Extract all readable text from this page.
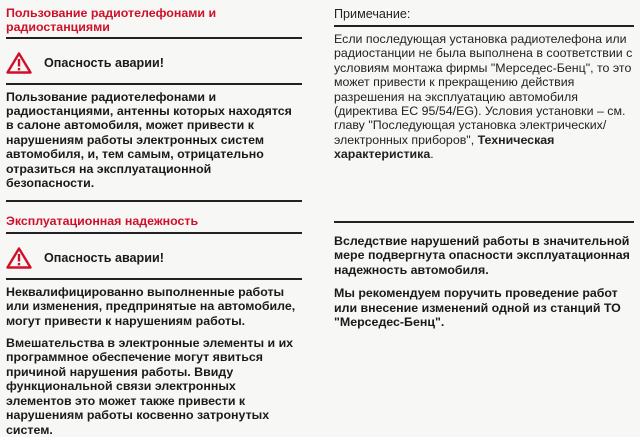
Пользование радиотелефонами и радиостанциями
Опасность аварии!

Пользование радиотелефонами и радиостанциями, антенны которых находятся в салоне автомобиля, может привести к нарушениям работы электронных систем автомобиля, и, тем самым, отрицательно отразиться на эксплуатационной безопасности.

Эксплуатационная надежность
Опасность аварии!

Неквалифицированно выполненные работы или изменения, предпринятые на автомобиле, могут привести к нарушениям работы.

Вмешательства в электронные элементы и их программное обеспечение могут явиться причиной нарушения работы. Ввиду функциональной связи электронных элементов это может также привести к нарушениям работы косвенно затронутых систем.

Примечание:

Если последующая установка радиотелефона или радиостанции не была выполнена в соответствии с условиям монтажа фирмы "Мерседес-Бенц", то это может привести к прекращению действия разрешения на эксплуатацию автомобиля (директива ЕС 95/54/EG). Условия установки – см. главу "Последующая установка электрических/ электронных приборов", Техническая характеристика.

Вследствие нарушений работы в значительной мере подвергнута опасности эксплуатационная надежность автомобиля.

Мы рекомендуем поручить проведение работ или внесение изменений одной из станций ТО "Мерседес-Бенц".
